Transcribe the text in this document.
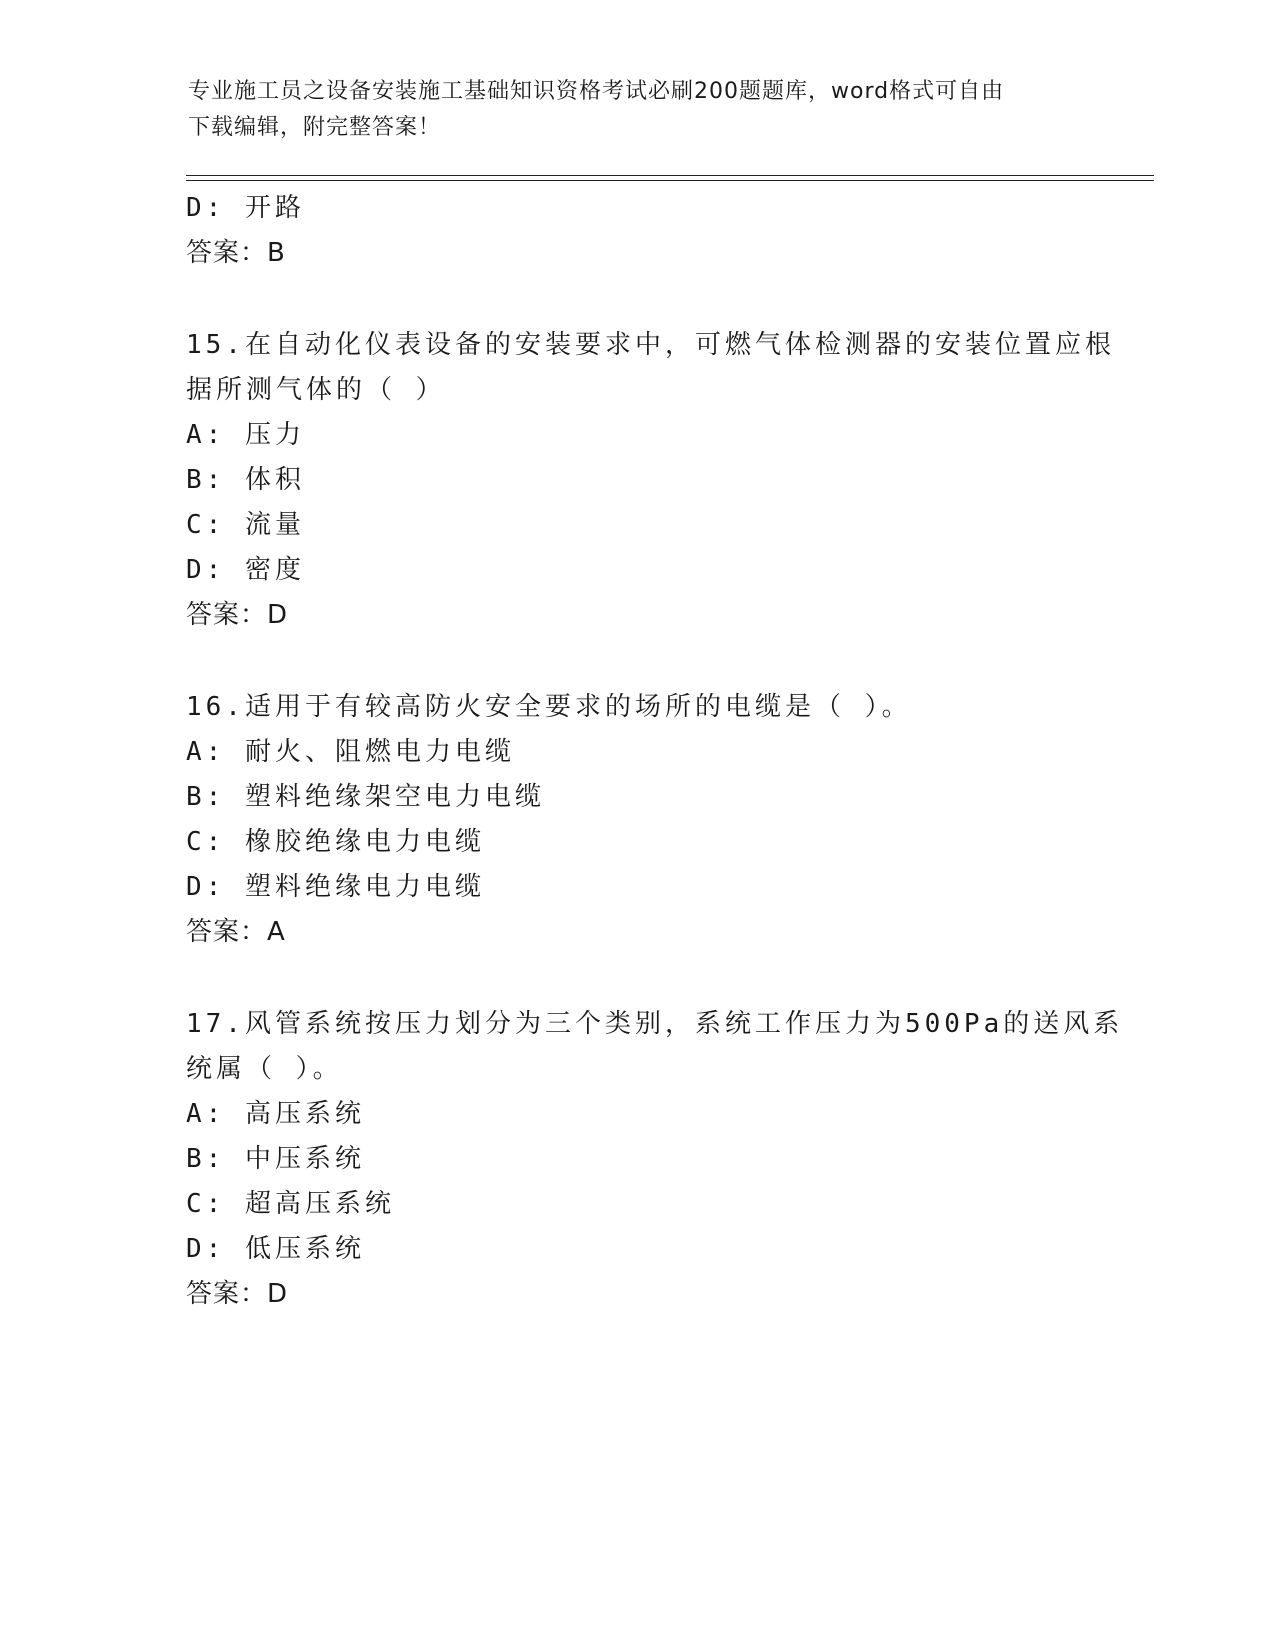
专业施工员之设备安装施工基础知识资格考试必刷200题题库，word格式可自由
下载编辑，附完整答案！
D: 开路
答案：B
15.在自动化仪表设备的安装要求中，可燃气体检测器的安装位置应根
据所测气体的（ ）
A: 压力
B: 体积
C: 流量
D: 密度
答案：D
16.适用于有较高防火安全要求的场所的电缆是（ ）。
A: 耐火、阻燃电力电缆
B: 塑料绝缘架空电力电缆
C: 橡胶绝缘电力电缆
D: 塑料绝缘电力电缆
答案：A
17.风管系统按压力划分为三个类别，系统工作压力为500Pa的送风系
统属（ ）。
A: 高压系统
B: 中压系统
C: 超高压系统
D: 低压系统
答案：D
